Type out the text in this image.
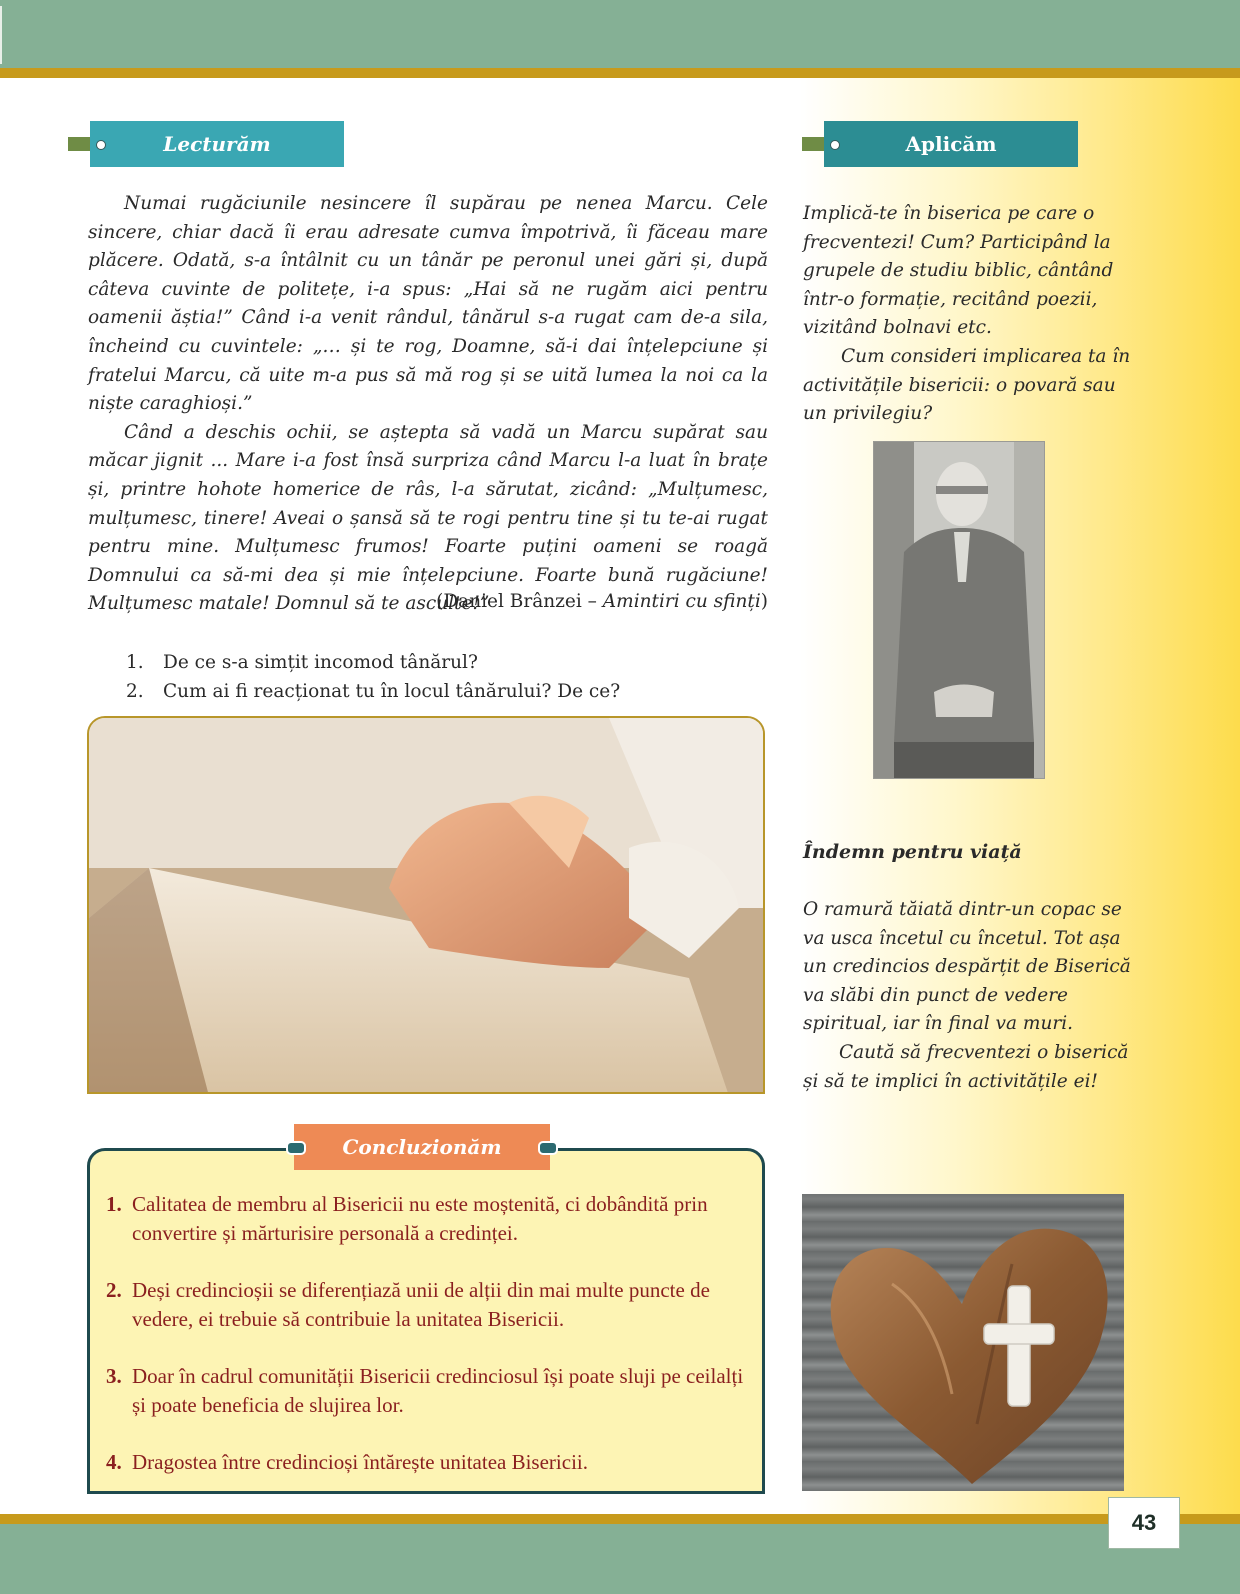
Lecturăm

Numai rugăciunile nesincere îl supărau pe nenea Marcu. Cele sincere, chiar dacă îi erau adresate cumva împotrivă, îi făceau mare plăcere. Odată, s-a întâlnit cu un tânăr pe peronul unei gări și, după câteva cuvinte de politețe, i-a spus: „Hai să ne rugăm aici pentru oamenii ăștia!” Când i-a venit rândul, tânărul s-a rugat cam de-a sila, încheind cu cuvintele: „… și te rog, Doamne, să-i dai înțelepciune și fratelui Marcu, că uite m-a pus să mă rog și se uită lumea la noi ca la niște caraghioși.”

Când a deschis ochii, se aștepta să vadă un Marcu supărat sau măcar jignit ... Mare i-a fost însă surpriza când Marcu l-a luat în brațe și, printre hohote homerice de râs, l-a sărutat, zicând: „Mulțumesc, mulțumesc, tinere! Aveai o șansă să te rogi pentru tine și tu te-ai rugat pentru mine. Mulțumesc frumos! Foarte puțini oameni se roagă Domnului ca să-mi dea și mie înțelepciune. Foarte bună rugăciune! Mulțumesc matale! Domnul să te asculte!”

(Daniel Brânzei – Amintiri cu sfinți)
1. De ce s-a simțit incomod tânărul?
2. Cum ai fi reacționat tu în locul tânărului? De ce?
Concluzionăm
1. Calitatea de membru al Bisericii nu este moștenită, ci dobândită prin convertire și mărturisire personală a credinței.
2. Deși credincioșii se diferențiază unii de alții din mai multe puncte de vedere, ei trebuie să contribuie la unitatea Bisericii.
3. Doar în cadrul comunității Bisericii credinciosul își poate sluji pe ceilalți și poate beneficia de slujirea lor.
4. Dragostea între credincioși întărește unitatea Bisericii.
Aplicăm

Implică-te în biserica pe care o frecventezi! Cum? Participând la grupele de studiu biblic, cântând într-o formație, recitând poezii, vizitând bolnavi etc.

Cum consideri implicarea ta în activitățile bisericii: o povară sau un privilegiu?

Îndemn pentru viață

O ramură tăiată dintr-un copac se va usca încetul cu încetul. Tot așa un credincios despărțit de Biserică va slăbi din punct de vedere spiritual, iar în final va muri.

Caută să frecventezi o biserică și să te implici în activitățile ei!

43
